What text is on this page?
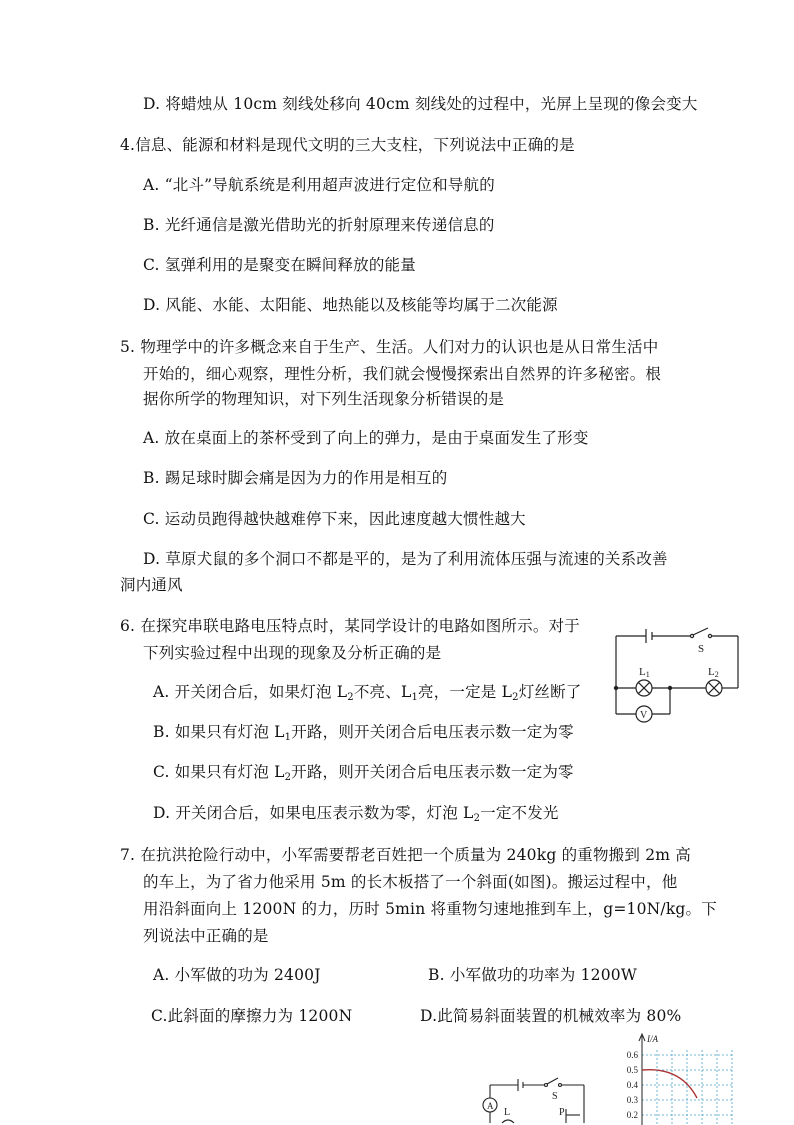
D. 将蜡烛从 10cm 刻线处移向 40cm 刻线处的过程中，光屏上呈现的像会变大
4.信息、能源和材料是现代文明的三大支柱，下列说法中正确的是
A. “北斗”导航系统是利用超声波进行定位和导航的
B. 光纤通信是激光借助光的折射原理来传递信息的
C. 氢弹利用的是聚变在瞬间释放的能量
D. 风能、水能、太阳能、地热能以及核能等均属于二次能源
5. 物理学中的许多概念来自于生产、生活。人们对力的认识也是从日常生活中
开始的，细心观察，理性分析，我们就会慢慢探索出自然界的许多秘密。根
据你所学的物理知识，对下列生活现象分析错误的是
A. 放在桌面上的茶杯受到了向上的弹力，是由于桌面发生了形变
B. 踢足球时脚会痛是因为力的作用是相互的
C. 运动员跑得越快越难停下来，因此速度越大惯性越大
D. 草原犬鼠的多个洞口不都是平的，是为了利用流体压强与流速的关系改善
洞内通风
6. 在探究串联电路电压特点时，某同学设计的电路如图所示。对于
下列实验过程中出现的现象及分析正确的是
A. 开关闭合后，如果灯泡 $L_2$不亮、$L_1$亮，一定是 $L_2$灯丝断了
B. 如果只有灯泡 $L_1$开路，则开关闭合后电压表示数一定为零
C. 如果只有灯泡 $L_2$开路，则开关闭合后电压表示数一定为零
D. 开关闭合后，如果电压表示数为零，灯泡 $L_2$一定不发光
S
L1	L2
V
7. 在抗洪抢险行动中，小军需要帮老百姓把一个质量为 240kg 的重物搬到 2m 高
的车上，为了省力他采用 5m 的长木板搭了一个斜面(如图)。搬运过程中，他
用沿斜面向上 1200N 的力，历时 5min 将重物匀速地推到车上，g=10N/kg。下
列说法中正确的是
A. 小军做的功为 2400J	B. 小军做功的功率为 1200W
C.此斜面的摩擦力为 1200N	D.此简易斜面装置的机械效率为 80%
A
L
S
P
I/A
0.6
0.5
0.4
0.3
0.2
